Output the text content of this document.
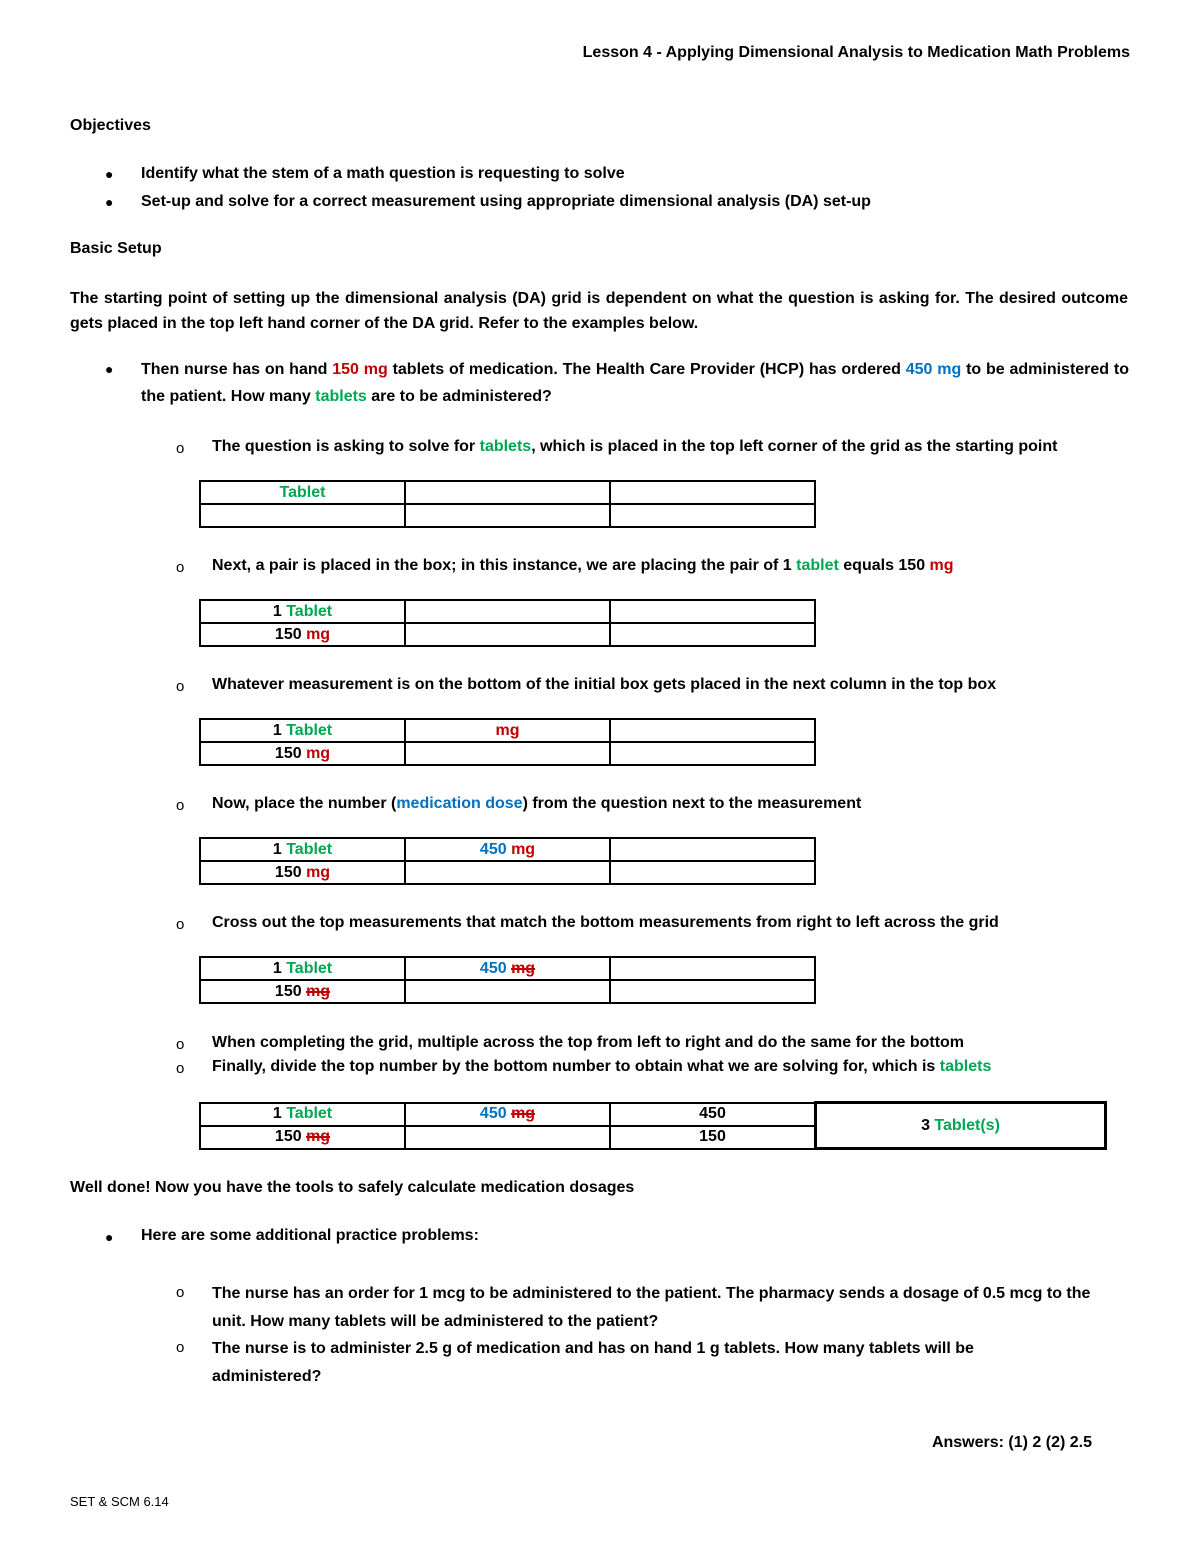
Lesson 4 - Applying Dimensional Analysis to Medication Math Problems
Objectives
● Identify what the stem of a math question is requesting to solve
● Set-up and solve for a correct measurement using appropriate dimensional analysis (DA) set-up
Basic Setup
The starting point of setting up the dimensional analysis (DA) grid is dependent on what the question is asking for. The desired outcome gets placed in the top left hand corner of the DA grid. Refer to the examples below.
● Then nurse has on hand 150 mg tablets of medication. The Health Care Provider (HCP) has ordered 450 mg to be administered to the patient. How many tablets are to be administered?
o The question is asking to solve for tablets, which is placed in the top left corner of the grid as the starting point
Tablet		

o Next, a pair is placed in the box; in this instance, we are placing the pair of 1 tablet equals 150 mg
1 Tablet		
150 mg		
o Whatever measurement is on the bottom of the initial box gets placed in the next column in the top box
1 Tablet	mg	
150 mg		
o Now, place the number (medication dose) from the question next to the measurement
1 Tablet	450 mg	
150 mg		
o Cross out the top measurements that match the bottom measurements from right to left across the grid
1 Tablet	450 mg	
150 mg		
o When completing the grid, multiple across the top from left to right and do the same for the bottom
o Finally, divide the top number by the bottom number to obtain what we are solving for, which is tablets
1 Tablet	450 mg	450	3 Tablet(s)
150 mg		150	
Well done! Now you have the tools to safely calculate medication dosages
● Here are some additional practice problems:
o The nurse has an order for 1 mcg to be administered to the patient. The pharmacy sends a dosage of 0.5 mcg to the unit. How many tablets will be administered to the patient?
o The nurse is to administer 2.5 g of medication and has on hand 1 g tablets. How many tablets will be administered?
Answers: (1) 2 (2) 2.5
SET & SCM 6.14
